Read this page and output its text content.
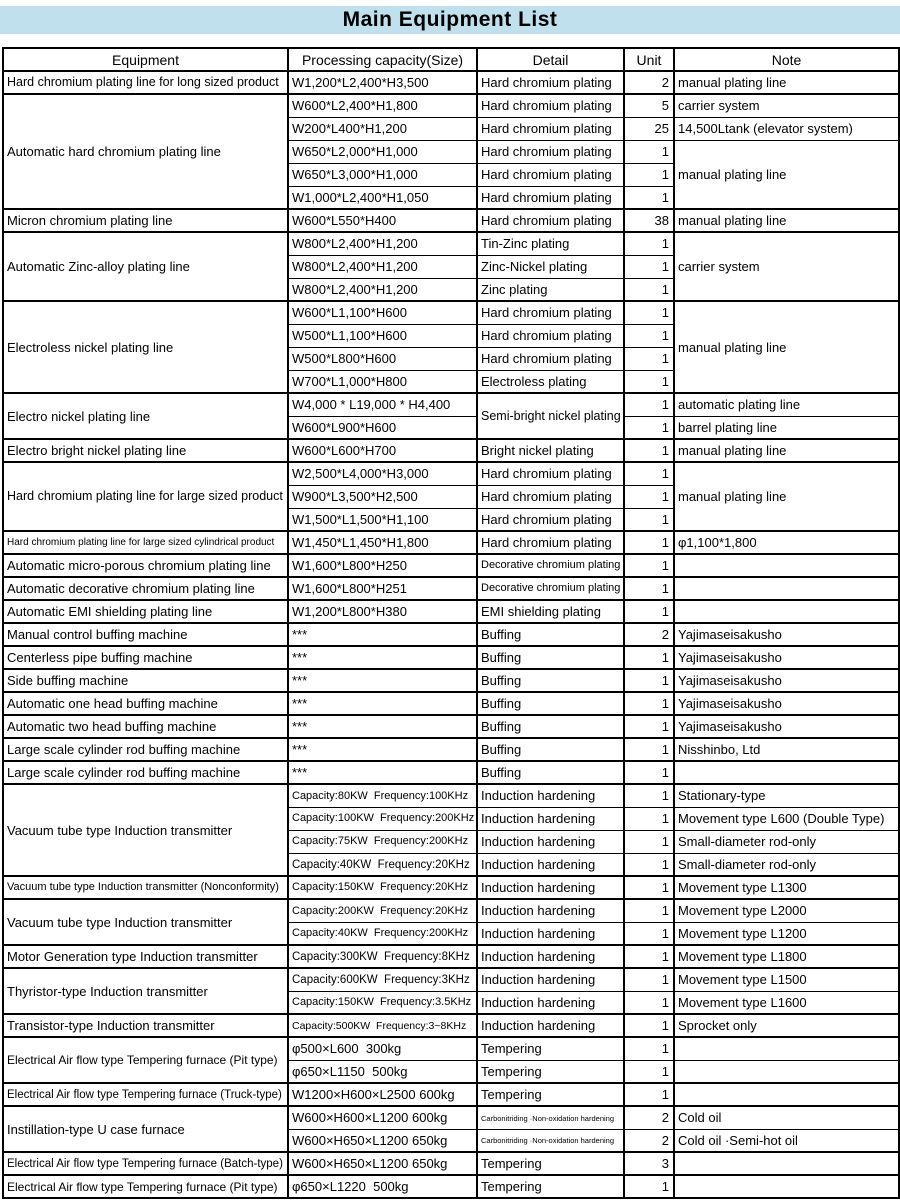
Main Equipment List
Equipment	Processing capacity(Size)	Detail	Unit	Note
Hard chromium plating line for long sized product	W1,200*L2,400*H3,500	Hard chromium plating	2	manual plating line
Automatic hard chromium plating line	W600*L2,400*H1,800	Hard chromium plating	5	carrier system
	W200*L400*H1,200	Hard chromium plating	25	14,500Ltank (elevator system)
	W650*L2,000*H1,000	Hard chromium plating	1	manual plating line
	W650*L3,000*H1,000	Hard chromium plating	1	
	W1,000*L2,400*H1,050	Hard chromium plating	1	
Micron chromium plating line	W600*L550*H400	Hard chromium plating	38	manual plating line
Automatic Zinc-alloy plating line	W800*L2,400*H1,200	Tin-Zinc plating	1	carrier system
	W800*L2,400*H1,200	Zinc-Nickel plating	1	
	W800*L2,400*H1,200	Zinc plating	1	
Electroless nickel plating line	W600*L1,100*H600	Hard chromium plating	1	manual plating line
	W500*L1,100*H600	Hard chromium plating	1	
	W500*L800*H600	Hard chromium plating	1	
	W700*L1,000*H800	Electroless plating	1	
Electro nickel plating line	W4,000 * L19,000 * H4,400	Semi-bright nickel plating	1	automatic plating line
	W600*L900*H600		1	barrel plating line
Electro bright nickel plating line	W600*L600*H700	Bright nickel plating	1	manual plating line
Hard chromium plating line for large sized product	W2,500*L4,000*H3,000	Hard chromium plating	1	manual plating line
	W900*L3,500*H2,500	Hard chromium plating	1	
	W1,500*L1,500*H1,100	Hard chromium plating	1	
Hard chromium plating line for large sized cylindrical product	W1,450*L1,450*H1,800	Hard chromium plating	1	φ1,100*1,800
Automatic micro-porous chromium plating line	W1,600*L800*H250	Decorative chromium plating	1	
Automatic decorative chromium plating line	W1,600*L800*H251	Decorative chromium plating	1	
Automatic EMI shielding plating line	W1,200*L800*H380	EMI shielding plating	1	
Manual control buffing machine	***	Buffing	2	Yajimaseisakusho
Centerless pipe buffing machine	***	Buffing	1	Yajimaseisakusho
Side buffing machine	***	Buffing	1	Yajimaseisakusho
Automatic one head buffing machine	***	Buffing	1	Yajimaseisakusho
Automatic two head buffing machine	***	Buffing	1	Yajimaseisakusho
Large scale cylinder rod buffing machine	***	Buffing	1	Nisshinbo, Ltd
Large scale cylinder rod buffing machine	***	Buffing	1	
Vacuum tube type Induction transmitter	Capacity:80KW  Frequency:100KHz	Induction hardening	1	Stationary-type
	Capacity:100KW  Frequency:200KHz	Induction hardening	1	Movement type L600 (Double Type)
	Capacity:75KW  Frequency:200KHz	Induction hardening	1	Small-diameter rod-only
	Capacity:40KW  Frequency:20KHz	Induction hardening	1	Small-diameter rod-only
Vacuum tube type Induction transmitter (Nonconformity)	Capacity:150KW  Frequency:20KHz	Induction hardening	1	Movement type L1300
Vacuum tube type Induction transmitter	Capacity:200KW  Frequency:20KHz	Induction hardening	1	Movement type L2000
	Capacity:40KW  Frequency:200KHz	Induction hardening	1	Movement type L1200
Motor Generation type Induction transmitter	Capacity:300KW  Frequency:8KHz	Induction hardening	1	Movement type L1800
Thyristor-type Induction transmitter	Capacity:600KW  Frequency:3KHz	Induction hardening	1	Movement type L1500
	Capacity:150KW  Frequency:3.5KHz	Induction hardening	1	Movement type L1600
Transistor-type Induction transmitter	Capacity:500KW  Frequency:3~8KHz	Induction hardening	1	Sprocket only
Electrical Air flow type Tempering furnace (Pit type)	φ500×L600  300kg	Tempering	1	
	φ650×L1150  500kg	Tempering	1	
Electrical Air flow type Tempering furnace (Truck-type)	W1200×H600×L2500 600kg	Tempering	1	
Instillation-type U case furnace	W600×H600×L1200 600kg	Carbonitriding ·Non-oxidation hardening	2	Cold oil
	W600×H650×L1200 650kg	Carbonitriding ·Non-oxidation hardening	2	Cold oil ·Semi-hot oil
Electrical Air flow type Tempering furnace (Batch-type)	W600×H650×L1200 650kg	Tempering	3	
Electrical Air flow type Tempering furnace (Pit type)	φ650×L1220  500kg	Tempering	1	
